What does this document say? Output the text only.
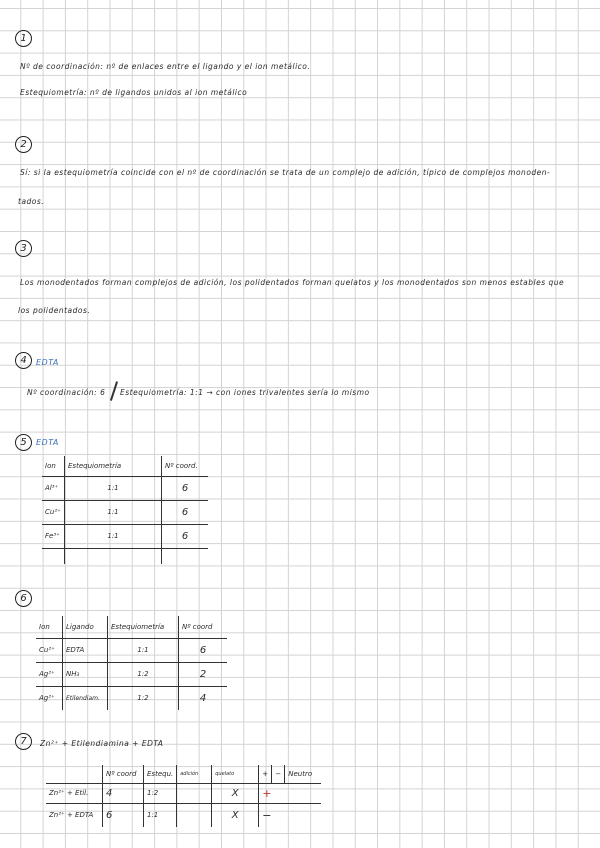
1
Nº de coordinación: nº de enlaces entre el ligando y el ion metálico.
Estequiometría: nº de ligandos unidos al ion metálico
2
Sí: si la estequiometría coincide con el nº de coordinación se trata de un complejo de adición, típico de complejos monoden-
tados.
3
Los monodentados forman complejos de adición, los polidentados forman quelatos y los monodentados son menos estables que
los polidentados.
4	EDTA
Nº coordinación: 6 Estequiometría: 1:1 → con iones trivalentes sería lo mismo
5	EDTA
Ion	Estequiometría	Nº coord.
Al³⁺	1:1	6
Cu²⁺	1:1	6
Fe³⁺	1:1	6

6
Ion	Ligando	Estequiometría	Nº coord
Cu²⁺	EDTA	1:1	6
Ag²⁺	NH₃	1:2	2
Ag²⁺	Etilendiam.	1:2	4
7	Zn²⁺ + Etilendiamina + EDTA
	Nº coord	Estequ.	adición	quelato	+	−	Neutro
Zn²⁺ + Etil.	4	1:2		X	+		
Zn²⁺ + EDTA	6	1:1		X	−		
